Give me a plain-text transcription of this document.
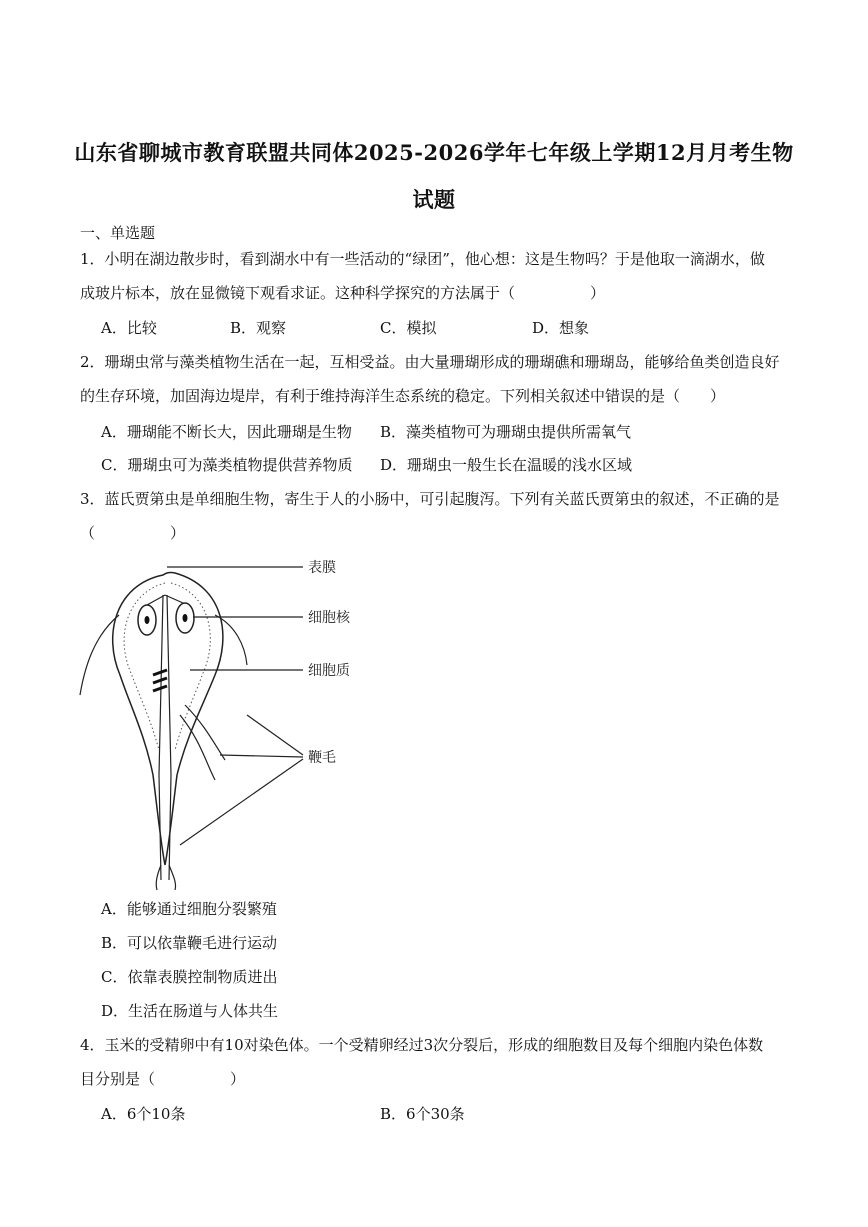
山东省聊城市教育联盟共同体2025-2026学年七年级上学期12月月考生物
试题
一、单选题
1．小明在湖边散步时，看到湖水中有一些活动的“绿团”，他心想：这是生物吗？于是他取一滴湖水，做
成玻片标本，放在显微镜下观看求证。这种科学探究的方法属于（　　　　　）
A．比较	B．观察	C．模拟	D．想象
2．珊瑚虫常与藻类植物生活在一起，互相受益。由大量珊瑚形成的珊瑚礁和珊瑚岛，能够给鱼类创造良好
的生存环境，加固海边堤岸，有利于维持海洋生态系统的稳定。下列相关叙述中错误的是（　　）
A．珊瑚能不断长大，因此珊瑚是生物 B．藻类植物可为珊瑚虫提供所需氧气
C．珊瑚虫可为藻类植物提供营养物质 D．珊瑚虫一般生长在温暖的浅水区域
3．蓝氏贾第虫是单细胞生物，寄生于人的小肠中，可引起腹泻。下列有关蓝氏贾第虫的叙述，不正确的是
（　　　　　）
表膜
细胞核
细胞质
鞭毛
A．能够通过细胞分裂繁殖
B．可以依靠鞭毛进行运动
C．依靠表膜控制物质进出
D．生活在肠道与人体共生
4．玉米的受精卵中有10对染色体。一个受精卵经过3次分裂后，形成的细胞数目及每个细胞内染色体数
目分别是（　　　　　）
A．6个10条	B．6个30条
